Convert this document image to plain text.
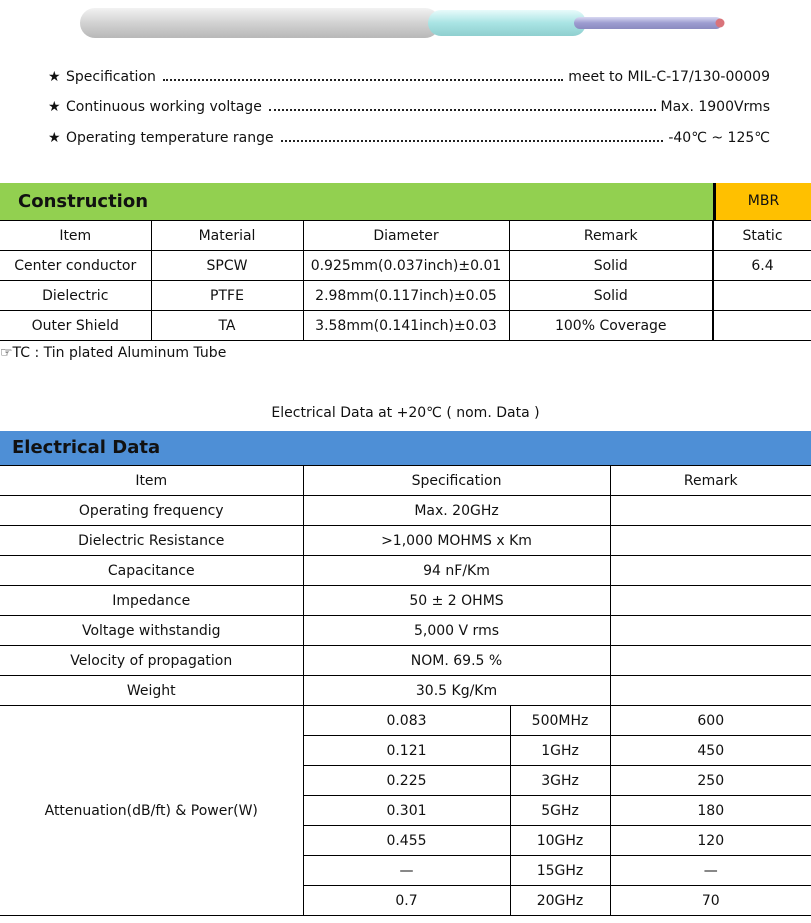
★ Specification	meet to MIL-C-17/130-00009
★ Continuous working voltage	Max. 1900Vrms
★ Operating temperature range	-40℃ ~ 125℃
Construction	MBR
Item	Material	Diameter	Remark	Static
Center conductor	SPCW	0.925mm(0.037inch)±0.01	Solid	6.4
Dielectric	PTFE	2.98mm(0.117inch)±0.05	Solid	
Outer Shield	TA	3.58mm(0.141inch)±0.03	100% Coverage	
☞TC : Tin plated Aluminum Tube
Electrical Data at +20℃ ( nom. Data )
Electrical Data
Item	Specification		Remark
Operating frequency	Max. 20GHz		
Dielectric Resistance	>1,000 MOHMS x Km		
Capacitance	94 nF/Km		
Impedance	50 ± 2 OHMS		
Voltage withstandig	5,000 V rms		
Velocity of propagation	NOM. 69.5 %		
Weight	30.5 Kg/Km		
Attenuation(dB/ft) & Power(W)	0.083	500MHz	600
	0.121	1GHz	450
	0.225	3GHz	250
	0.301	5GHz	180
	0.455	10GHz	120
	—	15GHz	—
	0.7	20GHz	70
